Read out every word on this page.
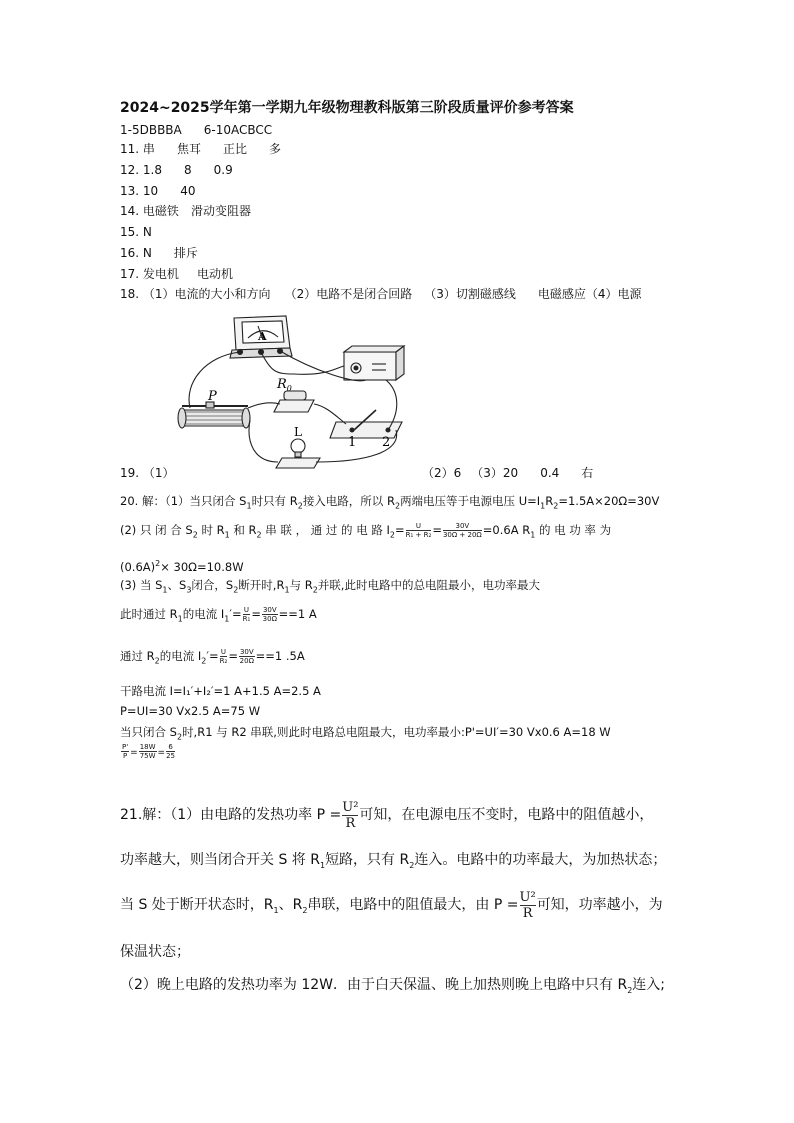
2024~2025学年第一学期九年级物理教科版第三阶段质量评价参考答案
1-5DBBBA 6-10ACBCC
11. 串 焦耳 正比 多
12. 1.8 8 0.9
13. 10 40
14. 电磁铁 滑动变阻器
15. N
16. N 排斥
17. 发电机 电动机
18. （1）电流的大小和方向 （2）电路不是闭合回路 （3）切割磁感线 电磁感应（4）电源
A
$R_0$
P
L
1 2
19. （1）	（2）6 （3）20 0.4 右
20. 解：（1）当只闭合 $S_1$时只有 $R_2$接入电路，所以 $R_2$两端电压等于电源电压 $U=I_1R_2=1.5A\times 20\Omega=30V$
(2) 只 闭 合 $S_2$ 时 $R_1$ 和 $R_2$ 串 联 ， 通 过 的 电 路 $I_2= \frac{U}{\text{R₁ + R₂}} = \frac{30V}{30\Omega + 20\Omega} =0.6A$ $R_1$ 的 电 功 率 为
$(0.6A)^2\times 30\Omega=10.8W$
(3) 当 $S_1$、$S_3$闭合，$S_2$断开时$,R_1$与 $R_2$并联,此时电路中的总电阻最小，电功率最大
此时通过 $R_1$的电流 $I_1'= \frac{U}{\text{R₁}} = \frac{30V}{30\Omega} ==1$ A
通过 $R_2$的电流 $I_2'= \frac{U}{\text{R₂}} = \frac{30V}{20\Omega} ==1$ .5A
干路电流 I=I₁′+I₂′=1 A+1.5 A=2.5 A
P=UI=30 Vx2.5 A=75 W
当只闭合 $S_2$时,R1 与 R2 串联,则此时电路总电阻最大，电功率最小:P'=UI′=30 Vx0.6 A=18 W
$\frac{P'}{P} = \frac{18W}{75W} = \frac{6}{25}$
21.解：（1）由电路的发热功率 $P = \frac{\text{U²}}{R}$ 可知，在电源电压不变时，电路中的阻值越小，
功率越大，则当闭合开关 S 将 $R_1$短路，只有 $R_2$连入。电路中的功率最大，为加热状态；
当 S 处于断开状态时，$R_1$、$R_2$串联，电路中的阻值最大，由 $P = \frac{\text{U²}}{R}$ 可知，功率越小，为
保温状态；
（2）晚上电路的发热功率为 12W．由于白天保温、晚上加热则晚上电路中只有 $R_2$连入;
